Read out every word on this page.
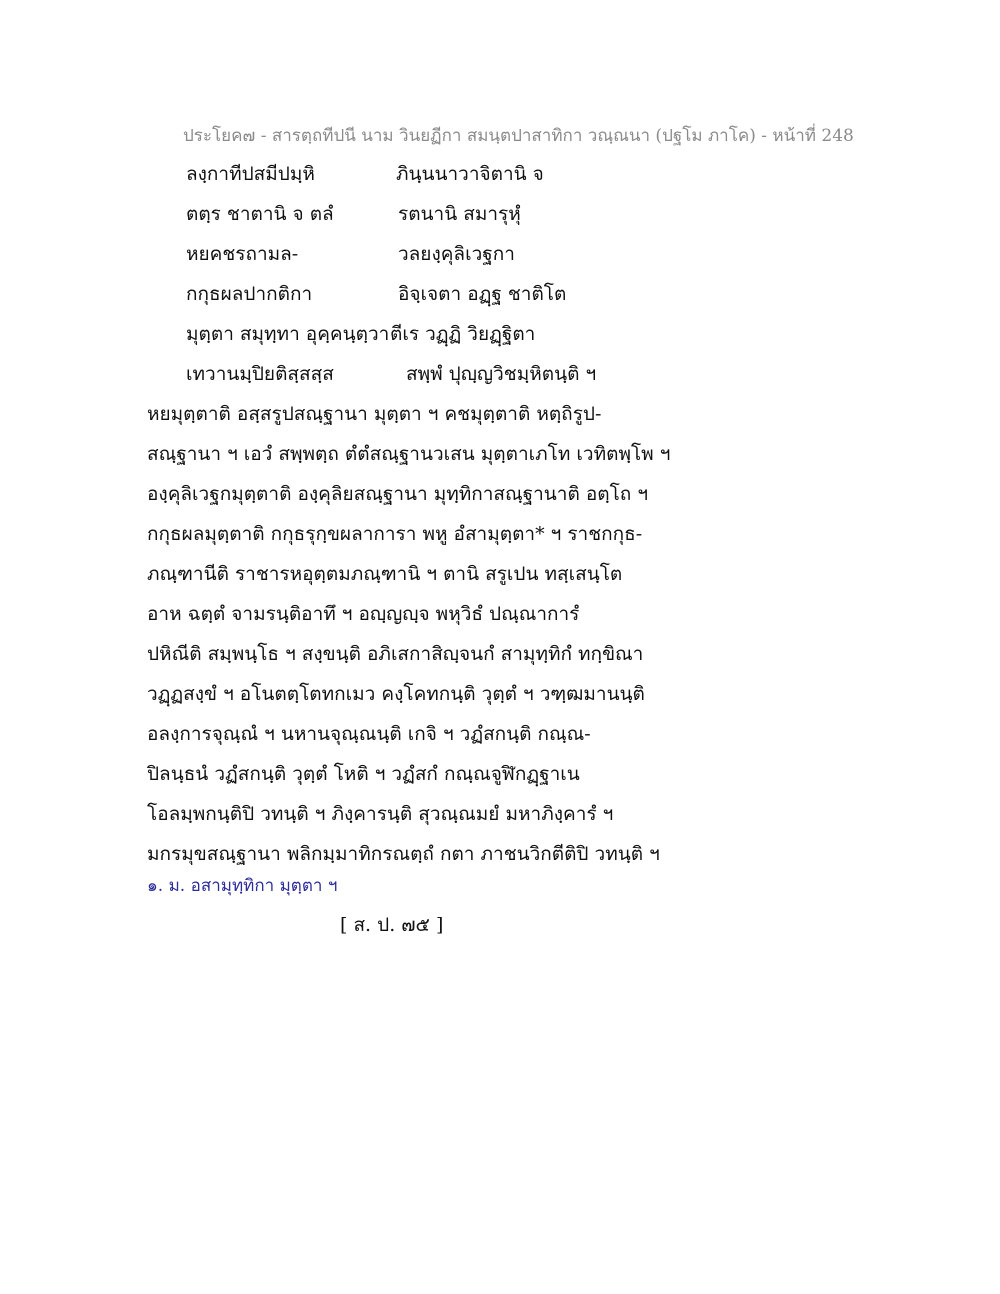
ประโยค๗ - สารตฺถทีปนี นาม วินยฏีกา สมนฺตปาสาทิกา วณฺณนา (ปฐโม ภาโค) - หน้าที่ 248
ลงฺกาทีปสมีปมฺหิ	ภินฺนนาวาจิตานิ จ
ตตฺร ชาตานิ จ ตลํ	รตนานิ สมารุหุํ
หยคชรถามล-	วลยงฺคุลิเวฐกา
กกุธผลปากติกา	อิจฺเจตา อฏฺฐ ชาติโต
มุตฺตา สมุทฺทา อุคฺคนฺตฺวา ตีเร วฏฺฏิ วิยฏฺฐิตา
เทวานมฺปิยติสฺสสฺส	สพฺพํ ปุญฺญวิชมฺหิตนฺติ ฯ
หยมุตฺตาติ อสฺสรูปสณฺฐานา มุตฺตา ฯ คชมุตฺตาติ หตฺถิรูป-
สณฺฐานา ฯ เอวํ สพฺพตฺถ ตํตํสณฺฐานวเสน มุตฺตาเภโท เวทิตพฺโพ ฯ
องฺคุลิเวฐกมุตฺตาติ องฺคุลิยสณฺฐานา มุทฺทิกาสณฺฐานาติ อตฺโถ ฯ
กกุธผลมุตฺตาติ กกุธรุกฺขผลาการา พหู อํสามุตฺตา* ฯ ราชกกุธ-
ภณฺฑานีติ ราชารหอุตฺตมภณฺฑานิ ฯ ตานิ สรูเปน ทสฺเสนฺโต
อาห ฉตฺตํ จามรนฺติอาทึ ฯ อญฺญญฺจ พหุวิธํ ปณฺณาการํ
ปหิณีติ สมฺพนฺโธ ฯ สงฺขนฺติ อภิเสกาสิญฺจนกํ สามุทฺทิกํ ทกฺขิณา
วฏฺฏสงฺขํ ฯ อโนตตฺโตทกเมว คงฺโคทกนฺติ วุตฺตํ ฯ วฑฺฒมานนฺติ
อลงฺการจุณฺณํ ฯ นหานจุณฺณนฺติ เกจิ ฯ วฏํสกนฺติ กณฺณ-
ปิลนฺธนํ วฏํสกนฺติ วุตฺตํ โหติ ฯ วฏํสกํ กณฺณจูฬิกฏฺฐาเน
โอลมฺพกนฺติปิ วทนฺติ ฯ ภิงฺคารนฺติ สุวณฺณมยํ มหาภิงฺคารํ ฯ
มกรมุขสณฺฐานา พลิกมฺมาทิกรณตฺถํ กตา ภาชนวิกตีติปิ วทนฺติ ฯ
๑. ม. อสามุทฺทิกา มุตฺตา ฯ
[ ส. ป. ๗๕ ]
